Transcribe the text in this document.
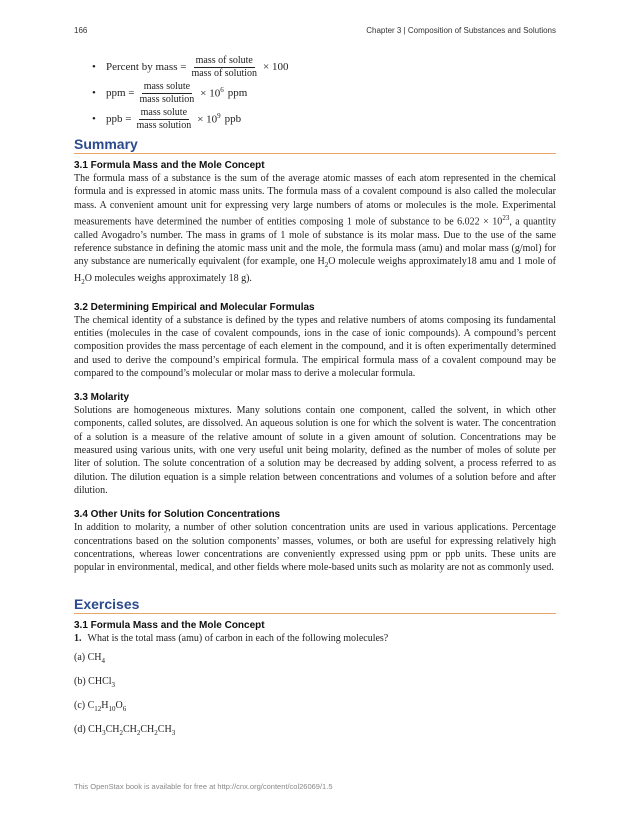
166	Chapter 3 | Composition of Substances and Solutions
• Percent by mass = $\frac{\text{mass of solute}}{\text{mass of solution}} \times 100$
• ppm = $\frac{\text{mass solute}}{\text{mass solution}} \times 10^6$ ppm
• ppb = $\frac{\text{mass solute}}{\text{mass solution}} \times 10^9$ ppb
Summary
3.1 Formula Mass and the Mole Concept

The formula mass of a substance is the sum of the average atomic masses of each atom represented in the chemical formula and is expressed in atomic mass units. The formula mass of a covalent compound is also called the molecular mass. A convenient amount unit for expressing very large numbers of atoms or molecules is the mole. Experimental measurements have determined the number of entities composing 1 mole of substance to be $6.022 \times 10^{23}$, a quantity called Avogadro’s number. The mass in grams of 1 mole of substance is its molar mass. Due to the use of the same reference substance in defining the atomic mass unit and the mole, the formula mass (amu) and molar mass (g/mol) for any substance are numerically equivalent (for example, one $H_2O$ molecule weighs approximately18 amu and 1 mole of $H_2O$ molecules weighs approximately 18 g).

3.2 Determining Empirical and Molecular Formulas

The chemical identity of a substance is defined by the types and relative numbers of atoms composing its fundamental entities (molecules in the case of covalent compounds, ions in the case of ionic compounds). A compound’s percent composition provides the mass percentage of each element in the compound, and it is often experimentally determined and used to derive the compound’s empirical formula. The empirical formula mass of a covalent compound may be compared to the compound’s molecular or molar mass to derive a molecular formula.

3.3 Molarity

Solutions are homogeneous mixtures. Many solutions contain one component, called the solvent, in which other components, called solutes, are dissolved. An aqueous solution is one for which the solvent is water. The concentration of a solution is a measure of the relative amount of solute in a given amount of solution. Concentrations may be measured using various units, with one very useful unit being molarity, defined as the number of moles of solute per liter of solution. The solute concentration of a solution may be decreased by adding solvent, a process referred to as dilution. The dilution equation is a simple relation between concentrations and volumes of a solution before and after dilution.

3.4 Other Units for Solution Concentrations

In addition to molarity, a number of other solution concentration units are used in various applications. Percentage concentrations based on the solution components’ masses, volumes, or both are useful for expressing relatively high concentrations, whereas lower concentrations are conveniently expressed using ppm or ppb units. These units are popular in environmental, medical, and other fields where mole-based units such as molarity are not as commonly used.

Exercises
3.1 Formula Mass and the Mole Concept

1. What is the total mass (amu) of carbon in each of the following molecules?

(a) $CH_4$

(b) CHCl$_3$

(c) $C_{12}H_{10}O_6$

(d) $CH_3CH_2CH_2CH_2CH_3$

This OpenStax book is available for free at http://cnx.org/content/col26069/1.5
